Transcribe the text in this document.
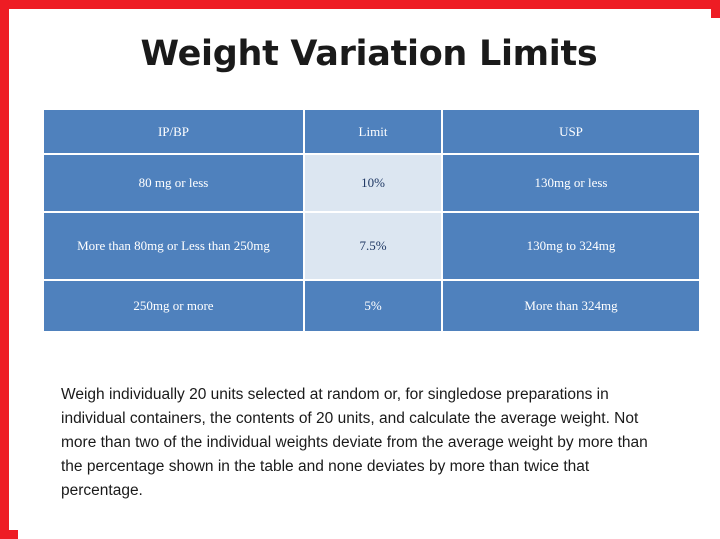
Weight Variation Limits
IP/BP	Limit	USP
80 mg or less	10%	130mg or less
More than 80mg or Less than 250mg	7.5%	130mg to 324mg
250mg or more	5%	More than 324mg
Weigh individually 20 units selected at random or, for singledose preparations in individual containers, the contents of 20 units, and calculate the average weight. Not more than two of the individual weights deviate from the average weight by more than the percentage shown in the table and none deviates by more than twice that percentage.
